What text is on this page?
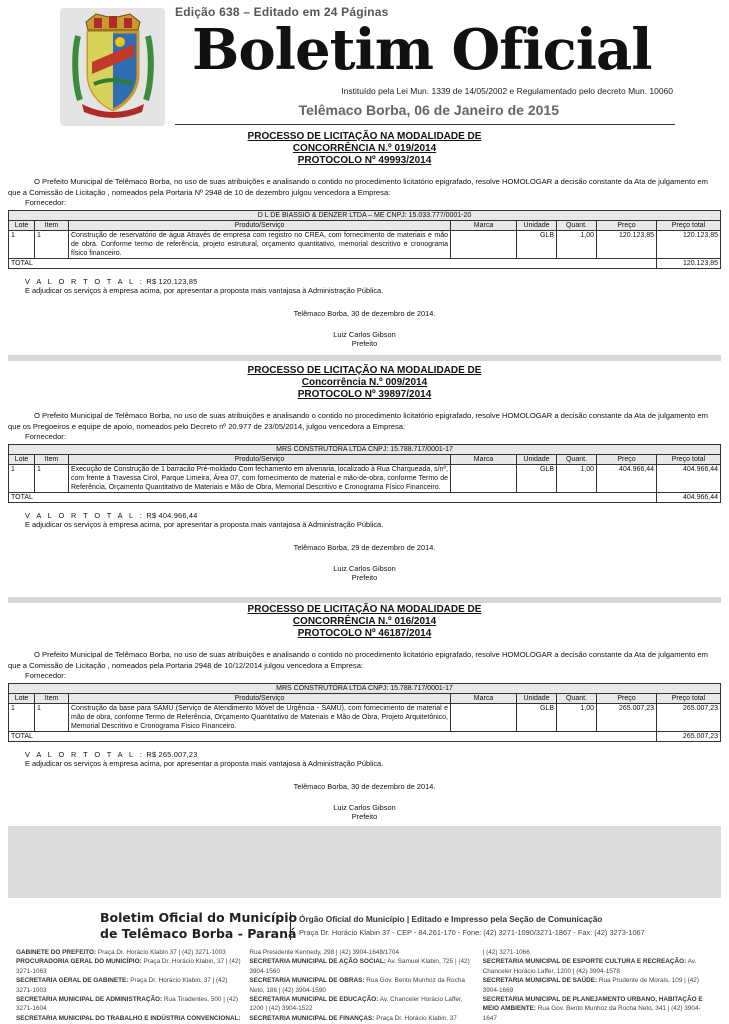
Edição 638 – Editado em 24 Páginas
Boletim Oficial
Instituído pela Lei Mun. 1339 de 14/05/2002 e Regulamentado pelo decreto Mun. 10060
Telêmaco Borba, 06 de Janeiro de 2015
PROCESSO DE LICITAÇÃO NA MODALIDADE DE
CONCORRÊNCIA N.º 019/2014
PROTOCOLO Nº 49993/2014
O Prefeito Municipal de Telêmaco Borba, no uso de suas atribuições e analisando o contido no procedimento licitatório epigrafado, resolve HOMOLOGAR a decisão constante da Ata de julgamento em que a Comissão de Licitação , nomeados pela Portaria Nº 2948 de 10 de dezembro julgou vencedora a Empresa:
Fornecedor:
D L DE BIASSIO & DENZER LTDA – ME CNPJ: 15.033.777/0001-20							
Lote	Item	Produto/Serviço	Marca	Unidade	Quant.	Preço	Preço total
1	1	Construção de reservatório de água Através de empresa com registro no CREA, com fornecimento de materiais e mão de obra. Conforme termo de referência, projeto estrutural, orçamento quantitativo, memorial descritivo e cronograma físico financeiro.		GLB	1,00	120.123,85	120.123,85
TOTAL							120.123,85
V A L O R T O T A L : R$ 120.123,85
E adjudicar os serviços à empresa acima, por apresentar a proposta mais vantajosa à Administração Pública.
Telêmaco Borba, 30 de dezembro de 2014.
Luiz Carlos Gibson
Prefeito
PROCESSO DE LICITAÇÃO NA MODALIDADE DE
Concorrência N.º 009/2014
PROTOCOLO Nº 39897/2014
O Prefeito Municipal de Telêmaco Borba, no uso de suas atribuições e analisando o contido no procedimento licitatório epigrafado, resolve HOMOLOGAR a decisão constante da Ata de julgamento em que os Pregoeiros e equipe de apoio, nomeados pelo Decreto nº 20.977 de 23/05/2014, julgou vencedora a Empresa:
Fornecedor:
MRS CONSTRUTORA LTDA CNPJ: 15.788.717/0001-17							
Lote	Item	Produto/Serviço	Marca	Unidade	Quant.	Preço	Preço total
1	1	Execução de Construção de 1 barracão Pré-moldado Com fechamento em alvenaria, localizado à Rua Charqueada, s/nº, com frente à Travessa Cirol, Parque Limeira, Área 07, com fornecimento de material e mão-de-obra, conforme Termo de Referência, Orçamento Quantitativo de Materiais e Mão de Obra, Memorial Descritivo e Cronograma Físico Financeiro.		GLB	1,00	404.966,44	404.966,44
TOTAL							404.966,44
V A L O R T O T A L : R$ 404.966,44
E adjudicar os serviços à empresa acima, por apresentar a proposta mais vantajosa à Administração Pública.
Telêmaco Borba, 29 de dezembro de 2014.
Luiz Carlos Gibson
Prefeito
PROCESSO DE LICITAÇÃO NA MODALIDADE DE
CONCORRÊNCIA N.º 016/2014
PROTOCOLO Nº 46187/2014
O Prefeito Municipal de Telêmaco Borba, no uso de suas atribuições e analisando o contido no procedimento licitatório epigrafado, resolve HOMOLOGAR a decisão constante da Ata de julgamento em que a Comissão de Licitação , nomeados pela Portaria 2948 de 10/12/2014 julgou vencedora a Empresa:
Fornecedor:
MRS CONSTRUTORA LTDA CNPJ: 15.788.717/0001-17							
Lote	Item	Produto/Serviço	Marca	Unidade	Quant.	Preço	Preço total
1	1	Construção da base para SAMU (Serviço de Atendimento Móvel de Urgência - SAMU), com fornecimento de material e mão de obra, conforme Termo de Referência, Orçamento Quantitativo de Materiais e Mão de Obra, Projeto Arquitetônico, Memorial Descritivo e Cronograma Físico Financeiro.		GLB	1,00	265.007,23	265.007,23
TOTAL							265.007,23
V A L O R T O T A L : R$ 265.007,23
E adjudicar os serviços à empresa acima, por apresentar a proposta mais vantajosa à Administração Pública.
Telêmaco Borba, 30 de dezembro de 2014.
Luiz Carlos Gibson
Prefeito
Boletim Oficial do Município
de Telêmaco Borba - Paraná
Órgão Oficial do Município | Editado e Impresso pela Seção de Comunicação
Praça Dr. Horácio Klabin 37 - CEP - 84.261-170 - Fone: (42) 3271-1090/3271-1867 - Fax: (42) 3273-1067
GABINETE DO PREFEITO: Praça Dr. Horácio Klabin 37 | (42) 3271-1003
PROCURADORIA GERAL DO MUNICÍPIO: Praça Dr. Horácio Klabin, 37 | (42) 3271-1063
SECRETARIA GERAL DE GABINETE: Praça Dr. Horácio Klabin, 37 | (42) 3271-1003
SECRETARIA MUNICIPAL DE ADMINISTRAÇÃO: Rua Tiradentes, 500 | (42) 3271-1604
SECRETARIA MUNICIPAL DO TRABALHO E INDÚSTRIA CONVENCIONAL:
Rua Presidente Kennedy, 298 | (42) 3904-1648/1704
SECRETARIA MUNICIPAL DE AÇÃO SOCIAL: Av. Samuel Klabin, 725 | (42) 3904-1560
SECRETARIA MUNICIPAL DE OBRAS: Rua Gov. Bento Munhoz da Rocha Neto, 186 | (42) 3904-1590
SECRETARIA MUNICIPAL DE EDUCAÇÃO: Av. Chanceler Horácio Laffer, 1200 | (42) 3904-1522
SECRETARIA MUNICIPAL DE FINANÇAS: Praça Dr. Horácio Klabin, 37
| (42) 3271-1066
SECRETARIA MUNICIPAL DE ESPORTE CULTURA E RECREAÇÃO: Av. Chanceler Horácio Laffer, 1200 | (42) 3904-1578
SECRETARIA MUNICIPAL DE SAÚDE: Rua Prudente de Morais, 109 | (42) 3904-1669
SECRETARIA MUNICIPAL DE PLANEJAMENTO URBANO, HABITAÇÃO E MEIO AMBIENTE: Rua Gov. Bento Munhoz da Rocha Neto, 341 | (42) 3904-1647
